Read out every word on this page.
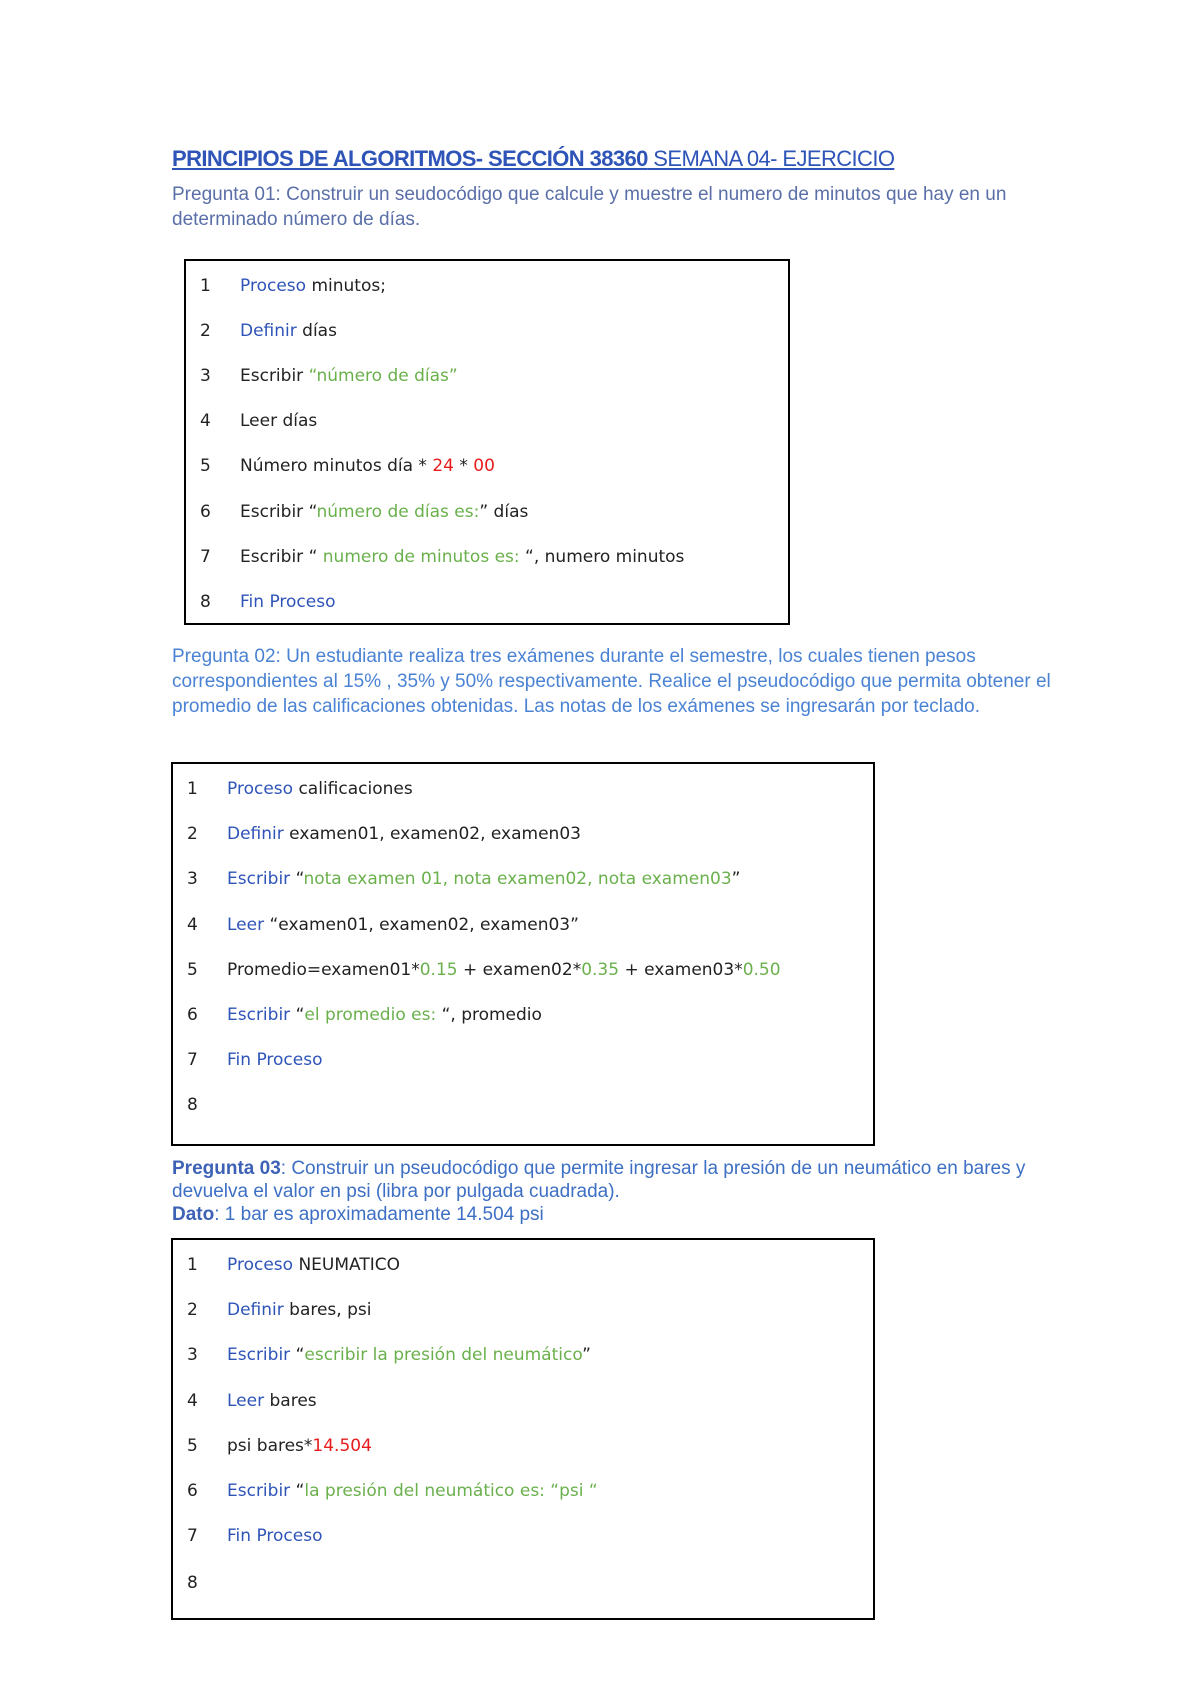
PRINCIPIOS DE ALGORITMOS- SECCIÓN 38360 SEMANA 04- EJERCICIO

Pregunta 01: Construir un seudocódigo que calcule y muestre el numero de minutos que hay en un determinado número de días.

1 Proceso minutos;
2 Definir días
3 Escribir “número de días”
4 Leer días
5 Número minutos día * 24 * 00
6 Escribir “número de días es:” días
7 Escribir “ numero de minutos es: “, numero minutos
8 Fin Proceso

Pregunta 02: Un estudiante realiza tres exámenes durante el semestre, los cuales tienen pesos correspondientes al 15% , 35% y 50% respectivamente. Realice el pseudocódigo que permita obtener el promedio de las calificaciones obtenidas. Las notas de los exámenes se ingresarán por teclado.

1 Proceso calificaciones
2 Definir examen01, examen02, examen03
3 Escribir “nota examen 01, nota examen02, nota examen03”
4 Leer “examen01, examen02, examen03”
5 Promedio=examen01*0.15 + examen02*0.35 + examen03*0.50
6 Escribir “el promedio es: “, promedio
7 Fin Proceso
8

Pregunta 03: Construir un pseudocódigo que permite ingresar la presión de un neumático en bares y devuelva el valor en psi (libra por pulgada cuadrada).
Dato: 1 bar es aproximadamente 14.504 psi

1 Proceso NEUMATICO
2 Definir bares, psi
3 Escribir “escribir la presión del neumático”
4 Leer bares
5 psi bares*14.504
6 Escribir “la presión del neumático es: “psi “
7 Fin Proceso
8
